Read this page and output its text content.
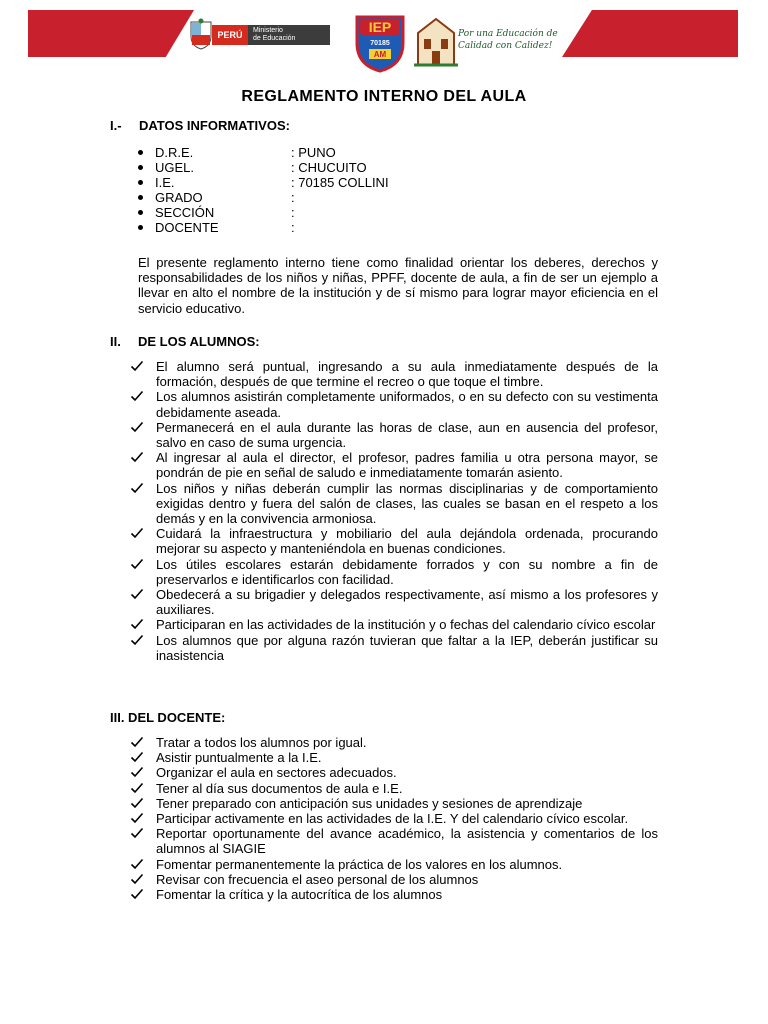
PERÚ	Ministerio
de Educación
IEP
70185
AM
Por una Educación de
Calidad con Calidez!
REGLAMENTO INTERNO DEL AULA
I.- DATOS INFORMATIVOS:
D.R.E.	: PUNO
UGEL.	: CHUCUITO
I.E.	: 70185 COLLINI
GRADO	:
SECCIÓN	:
DOCENTE	:
El presente reglamento interno tiene como finalidad orientar los deberes, derechos y responsabilidades de los niños y niñas, PPFF, docente de aula, a fin de ser un ejemplo a llevar en alto el nombre de la institución y de sí mismo para lograr mayor eficiencia en el servicio educativo.
II. DE LOS ALUMNOS:
El alumno será puntual, ingresando a su aula inmediatamente después de la formación, después de que termine el recreo o que toque el timbre.
Los alumnos asistirán completamente uniformados, o en su defecto con su vestimenta debidamente aseada.
Permanecerá en el aula durante las horas de clase, aun en ausencia del profesor, salvo en caso de suma urgencia.
Al ingresar al aula el director, el profesor, padres familia u otra persona mayor, se pondrán de pie en señal de saludo e inmediatamente tomarán asiento.
Los niños y niñas deberán cumplir las normas disciplinarias y de comportamiento exigidas dentro y fuera del salón de clases, las cuales se basan en el respeto a los demás y en la convivencia armoniosa.
Cuidará la infraestructura y mobiliario del aula dejándola ordenada, procurando mejorar su aspecto y manteniéndola en buenas condiciones.
Los útiles escolares estarán debidamente forrados y con su nombre a fin de preservarlos e identificarlos con facilidad.
Obedecerá a su brigadier y delegados respectivamente, así mismo a los profesores y auxiliares.
Participaran en las actividades de la institución y o fechas del calendario cívico escolar
Los alumnos que por alguna razón tuvieran que faltar a la IEP, deberán justificar su inasistencia
III. DEL DOCENTE:
Tratar a todos los alumnos por igual.
Asistir puntualmente a la I.E.
Organizar el aula en sectores adecuados.
Tener al día sus documentos de aula e I.E.
Tener preparado con anticipación sus unidades y sesiones de aprendizaje
Participar activamente en las actividades de la I.E. Y del calendario cívico escolar.
Reportar oportunamente del avance académico, la asistencia y comentarios de los alumnos al SIAGIE
Fomentar permanentemente la práctica de los valores en los alumnos.
Revisar con frecuencia el aseo personal de los alumnos
Fomentar la crítica y la autocrítica de los alumnos
